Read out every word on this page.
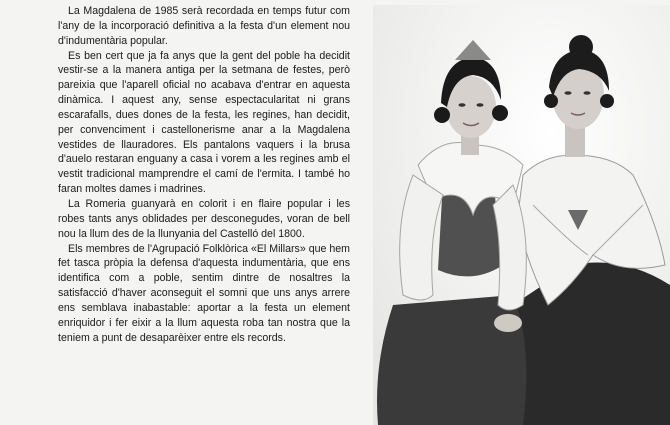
La Magdalena de 1985 serà recordada en temps futur com l'any de la incorporació definitiva a la festa d'un element nou d'indumentària popular.

Es ben cert que ja fa anys que la gent del poble ha decidit vestir-se a la manera antiga per la setmana de festes, però pareixia que l'aparell oficial no acabava d'entrar en aquesta dinàmica. I aquest any, sense espectacularitat ni grans escarafalls, dues dones de la festa, les regines, han decidit, per convenciment i castellonerisme anar a la Magdalena vestides de llauradores. Els pantalons vaquers i la brusa d'auelo restaran enguany a casa i vorem a les regines amb el vestit tradicional mamprendre el camí de l'ermita. I també ho faran moltes dames i madrines.

La Romeria guanyarà en colorit i en flaire popular i les robes tants anys oblidades per desconegudes, voran de bell nou la llum des de la llunyania del Castelló del 1800.

Els membres de l'Agrupació Folklòrica «El Millars» que hem fet tasca pròpia la defensa d'aquesta indumentària, que ens identifica com a poble, sentim dintre de nosaltres la satisfacció d'haver aconseguit el somni que uns anys arrere ens semblava inabastable: aportar a la festa un element enriquidor i fer eixir a la llum aquesta roba tan nostra que la teniem a punt de desaparèixer entre els records.
